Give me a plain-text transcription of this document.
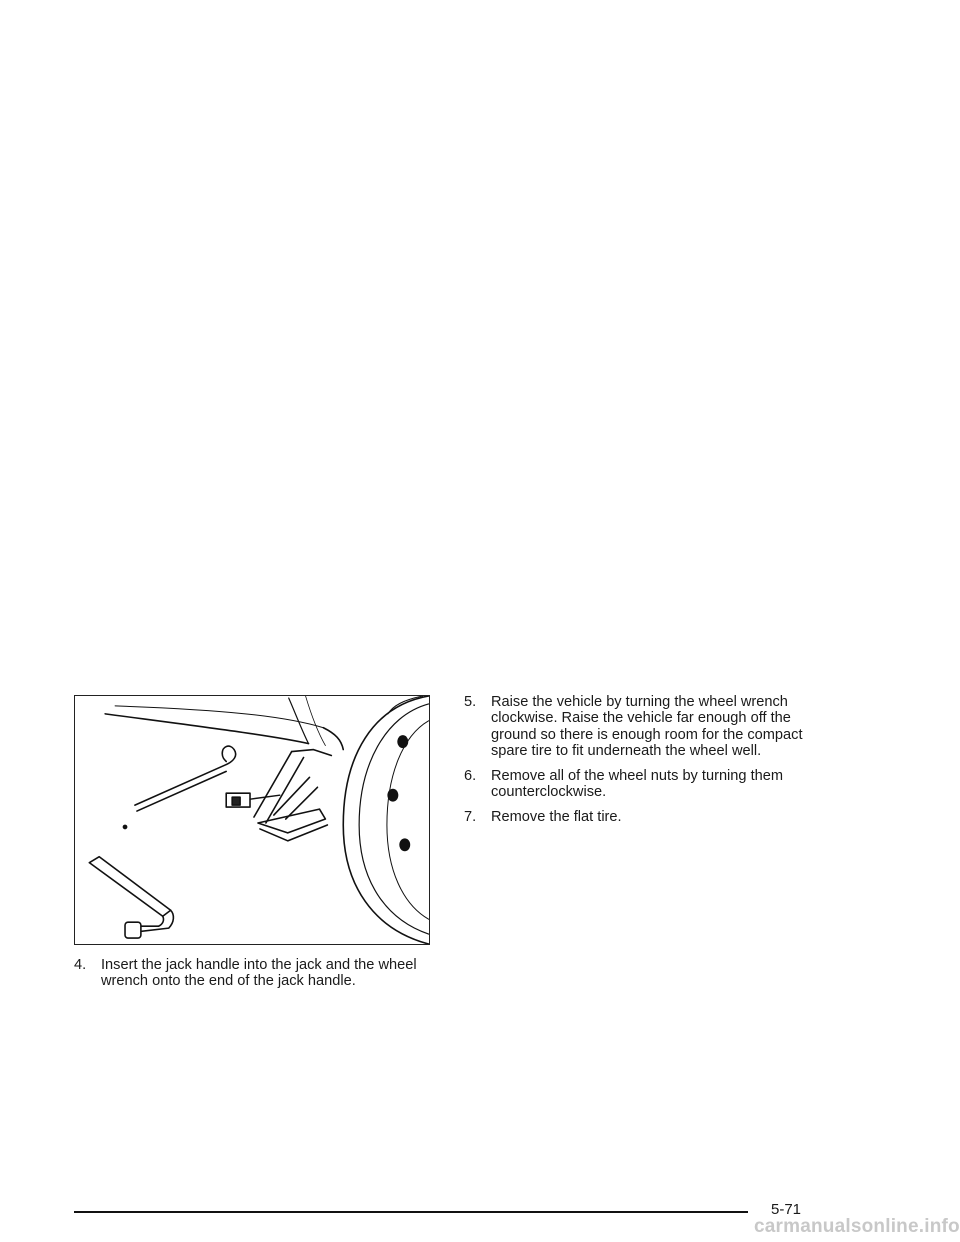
4. Insert the jack handle into the jack and the wheel wrench onto the end of the jack handle.
5. Raise the vehicle by turning the wheel wrench clockwise. Raise the vehicle far enough off the ground so there is enough room for the compact spare tire to fit underneath the wheel well.
6. Remove all of the wheel nuts by turning them counterclockwise.
7. Remove the flat tire.
5-71
carmanualsonline.info
